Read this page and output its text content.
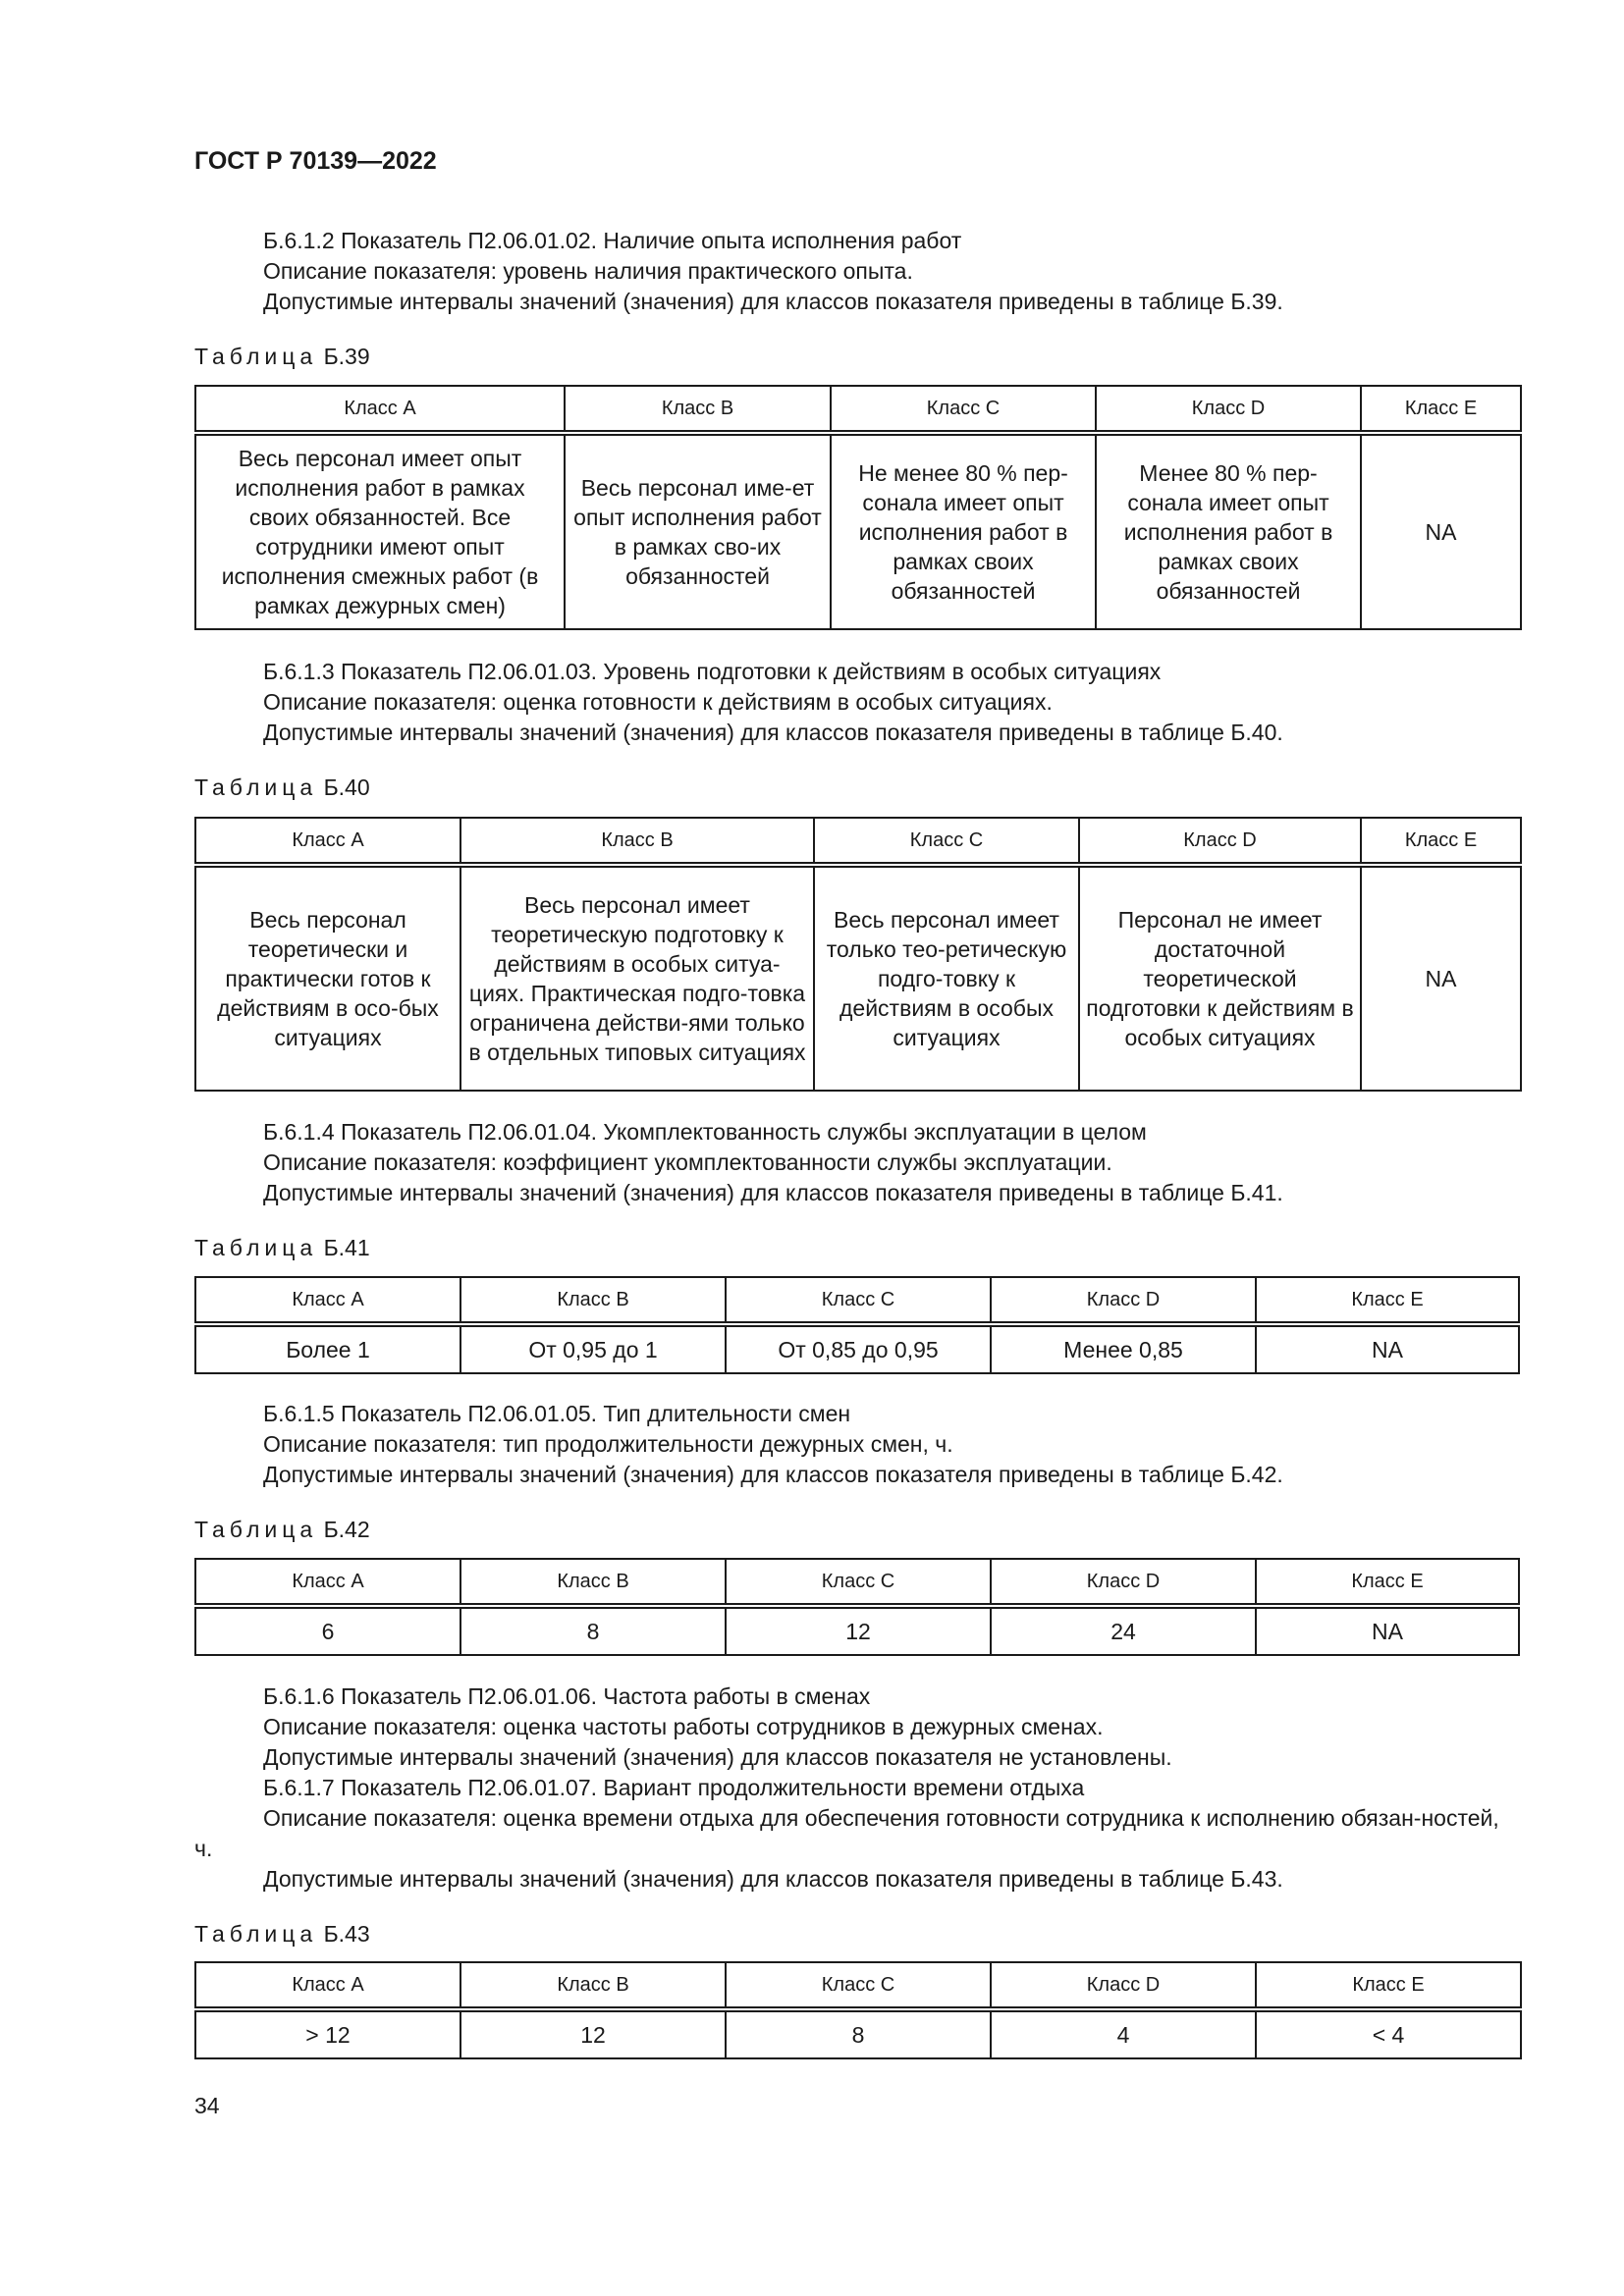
ГОСТ Р 70139—2022

Б.6.1.2 Показатель П2.06.01.02. Наличие опыта исполнения работ

Описание показателя: уровень наличия практического опыта.

Допустимые интервалы значений (значения) для классов показателя приведены в таблице Б.39.

Таблица Б.39
Класс A	Класс B	Класс C	Класс D	Класс E
Весь персонал имеет опыт исполнения работ в рамках своих обязанностей. Все сотрудники имеют опыт исполнения смежных работ (в рамках дежурных смен)	Весь персонал име-ет опыт исполнения работ в рамках сво-их обязанностей	Не менее 80 % пер-сонала имеет опыт исполнения работ в рамках своих обязанностей	Менее 80 % пер-сонала имеет опыт исполнения работ в рамках своих обязанностей	NA

Б.6.1.3 Показатель П2.06.01.03. Уровень подготовки к действиям в особых ситуациях

Описание показателя: оценка готовности к действиям в особых ситуациях.

Допустимые интервалы значений (значения) для классов показателя приведены в таблице Б.40.

Таблица Б.40
Класс A	Класс B	Класс C	Класс D	Класс E
Весь персонал теоретически и практически готов к действиям в осо-бых ситуациях	Весь персонал имеет теоретическую подготовку к действиям в особых ситуа-циях. Практическая подго-товка ограничена действи-ями только в отдельных типовых ситуациях	Весь персонал имеет только тео-ретическую подго-товку к действиям в особых ситуациях	Персонал не имеет достаточной теоретической подготовки к действиям в особых ситуациях	NA

Б.6.1.4 Показатель П2.06.01.04. Укомплектованность службы эксплуатации в целом

Описание показателя: коэффициент укомплектованности службы эксплуатации.

Допустимые интервалы значений (значения) для классов показателя приведены в таблице Б.41.

Таблица Б.41
Класс A	Класс B	Класс C	Класс D	Класс E
Более 1	От 0,95 до 1	От 0,85 до 0,95	Менее 0,85	NA

Б.6.1.5 Показатель П2.06.01.05. Тип длительности смен

Описание показателя: тип продолжительности дежурных смен, ч.

Допустимые интервалы значений (значения) для классов показателя приведены в таблице Б.42.

Таблица Б.42
Класс A	Класс B	Класс C	Класс D	Класс E
6	8	12	24	NA

Б.6.1.6 Показатель П2.06.01.06. Частота работы в сменах

Описание показателя: оценка частоты работы сотрудников в дежурных сменах.

Допустимые интервалы значений (значения) для классов показателя не установлены.

Б.6.1.7 Показатель П2.06.01.07. Вариант продолжительности времени отдыха

Описание показателя: оценка времени отдыха для обеспечения готовности сотрудника к исполнению обязан-ностей, ч.

Допустимые интервалы значений (значения) для классов показателя приведены в таблице Б.43.

Таблица Б.43
Класс A	Класс B	Класс C	Класс D	Класс E
> 12	12	8	4	< 4
34
